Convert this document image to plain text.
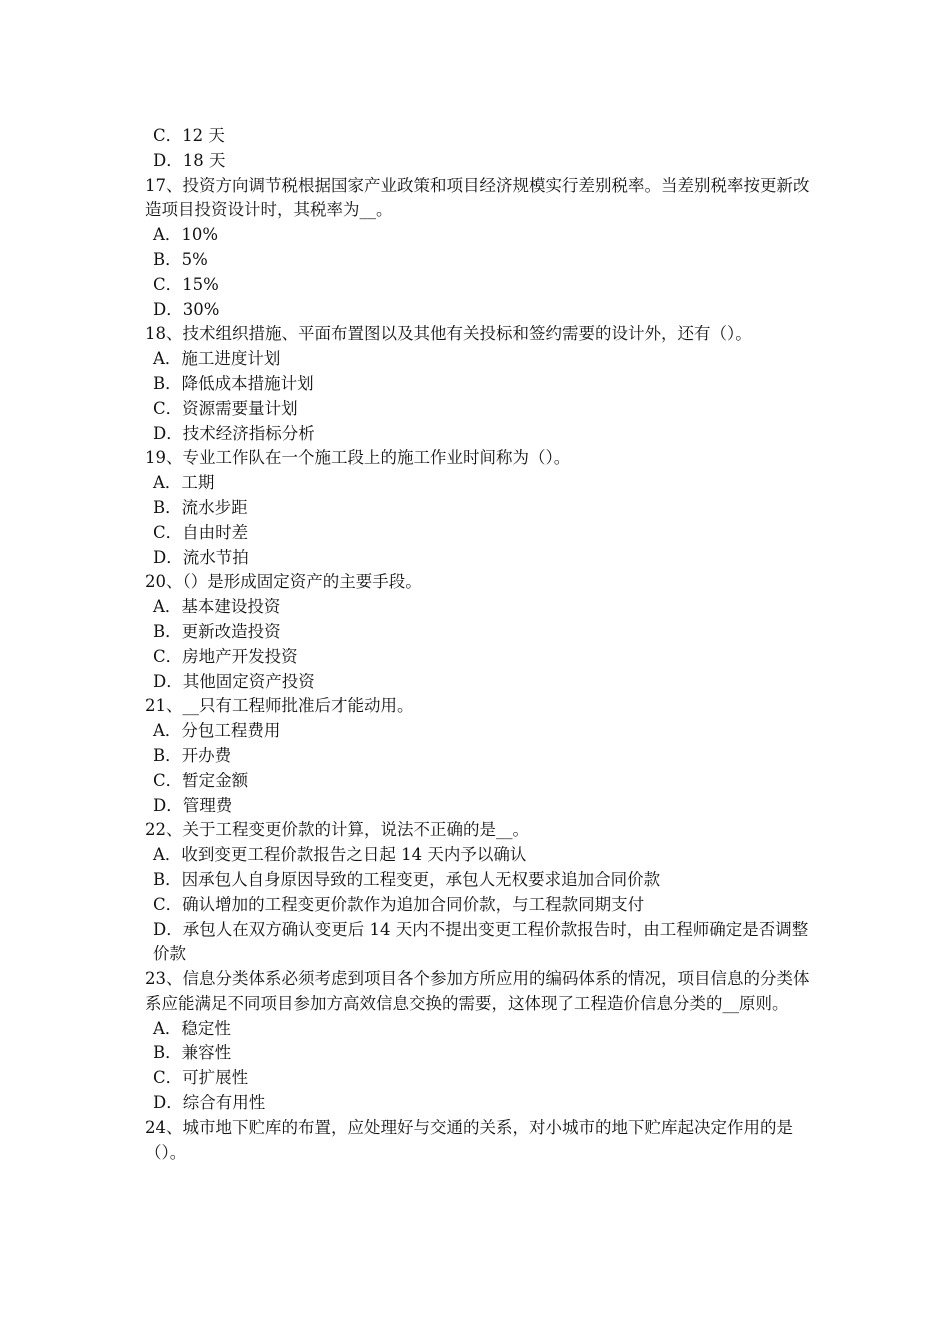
C．12 天
D．18 天
17、投资方向调节税根据国家产业政策和项目经济规模实行差别税率。当差别税率按更新改造项目投资设计时，其税率为__。
A．10%
B．5%
C．15%
D．30%
18、技术组织措施、平面布置图以及其他有关投标和签约需要的设计外，还有（）。
A．施工进度计划
B．降低成本措施计划
C．资源需要量计划
D．技术经济指标分析
19、专业工作队在一个施工段上的施工作业时间称为（）。
A．工期
B．流水步距
C．自由时差
D．流水节拍
20、（）是形成固定资产的主要手段。
A．基本建设投资
B．更新改造投资
C．房地产开发投资
D．其他固定资产投资
21、__只有工程师批准后才能动用。
A．分包工程费用
B．开办费
C．暂定金额
D．管理费
22、关于工程变更价款的计算，说法不正确的是__。
A．收到变更工程价款报告之日起 14 天内予以确认
B．因承包人自身原因导致的工程变更，承包人无权要求追加合同价款
C．确认增加的工程变更价款作为追加合同价款，与工程款同期支付
D．承包人在双方确认变更后 14 天内不提出变更工程价款报告时，由工程师确定是否调整价款
23、信息分类体系必须考虑到项目各个参加方所应用的编码体系的情况，项目信息的分类体系应能满足不同项目参加方高效信息交换的需要，这体现了工程造价信息分类的__原则。
A．稳定性
B．兼容性
C．可扩展性
D．综合有用性
24、城市地下贮库的布置，应处理好与交通的关系，对小城市的地下贮库起决定作用的是（）。
